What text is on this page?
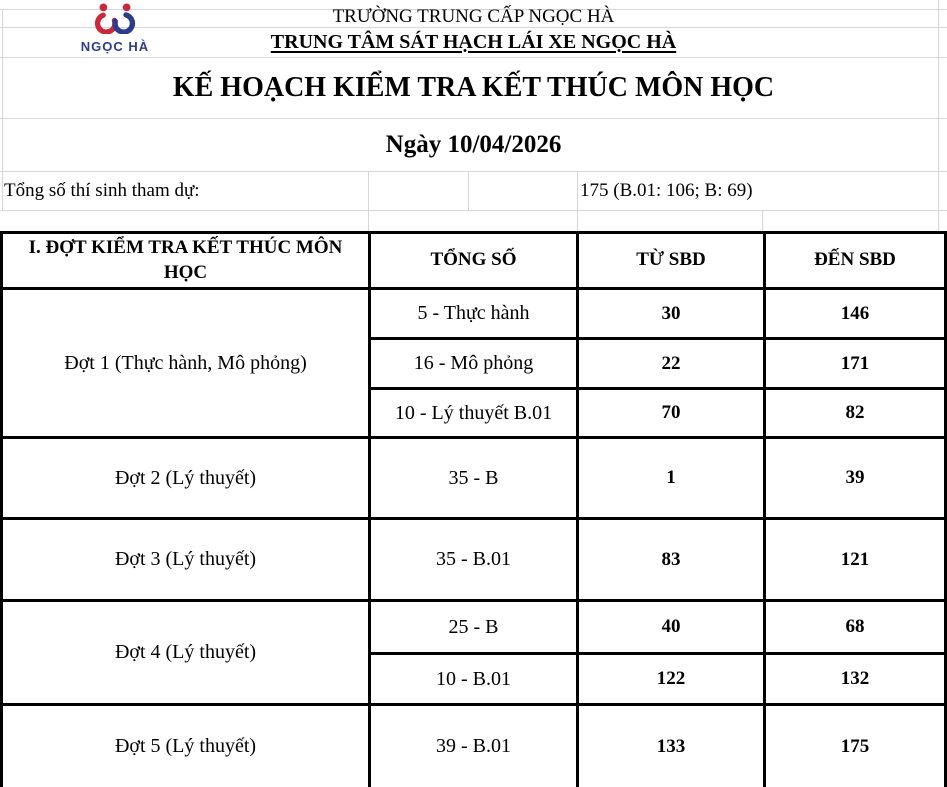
NGỌC HÀ
TRƯỜNG TRUNG CẤP NGỌC HÀ
TRUNG TÂM SÁT HẠCH LÁI XE NGỌC HÀ
KẾ HOẠCH KIỂM TRA KẾT THÚC MÔN HỌC
Ngày 10/04/2026
Tổng số thí sinh tham dự:	175 (B.01: 106; B: 69)
I. ĐỢT KIỂM TRA KẾT THÚC MÔN HỌC	TỔNG SỐ	TỪ SBD	ĐẾN SBD
Đợt 1 (Thực hành, Mô phỏng)	5 - Thực hành	30	146
	16 - Mô phỏng	22	171
	10 - Lý thuyết B.01	70	82
Đợt 2 (Lý thuyết)	35 - B	1	39
Đợt 3 (Lý thuyết)	35 - B.01	83	121
Đợt 4 (Lý thuyết)	25 - B	40	68
	10 - B.01	122	132
Đợt 5 (Lý thuyết)	39 - B.01	133	175
